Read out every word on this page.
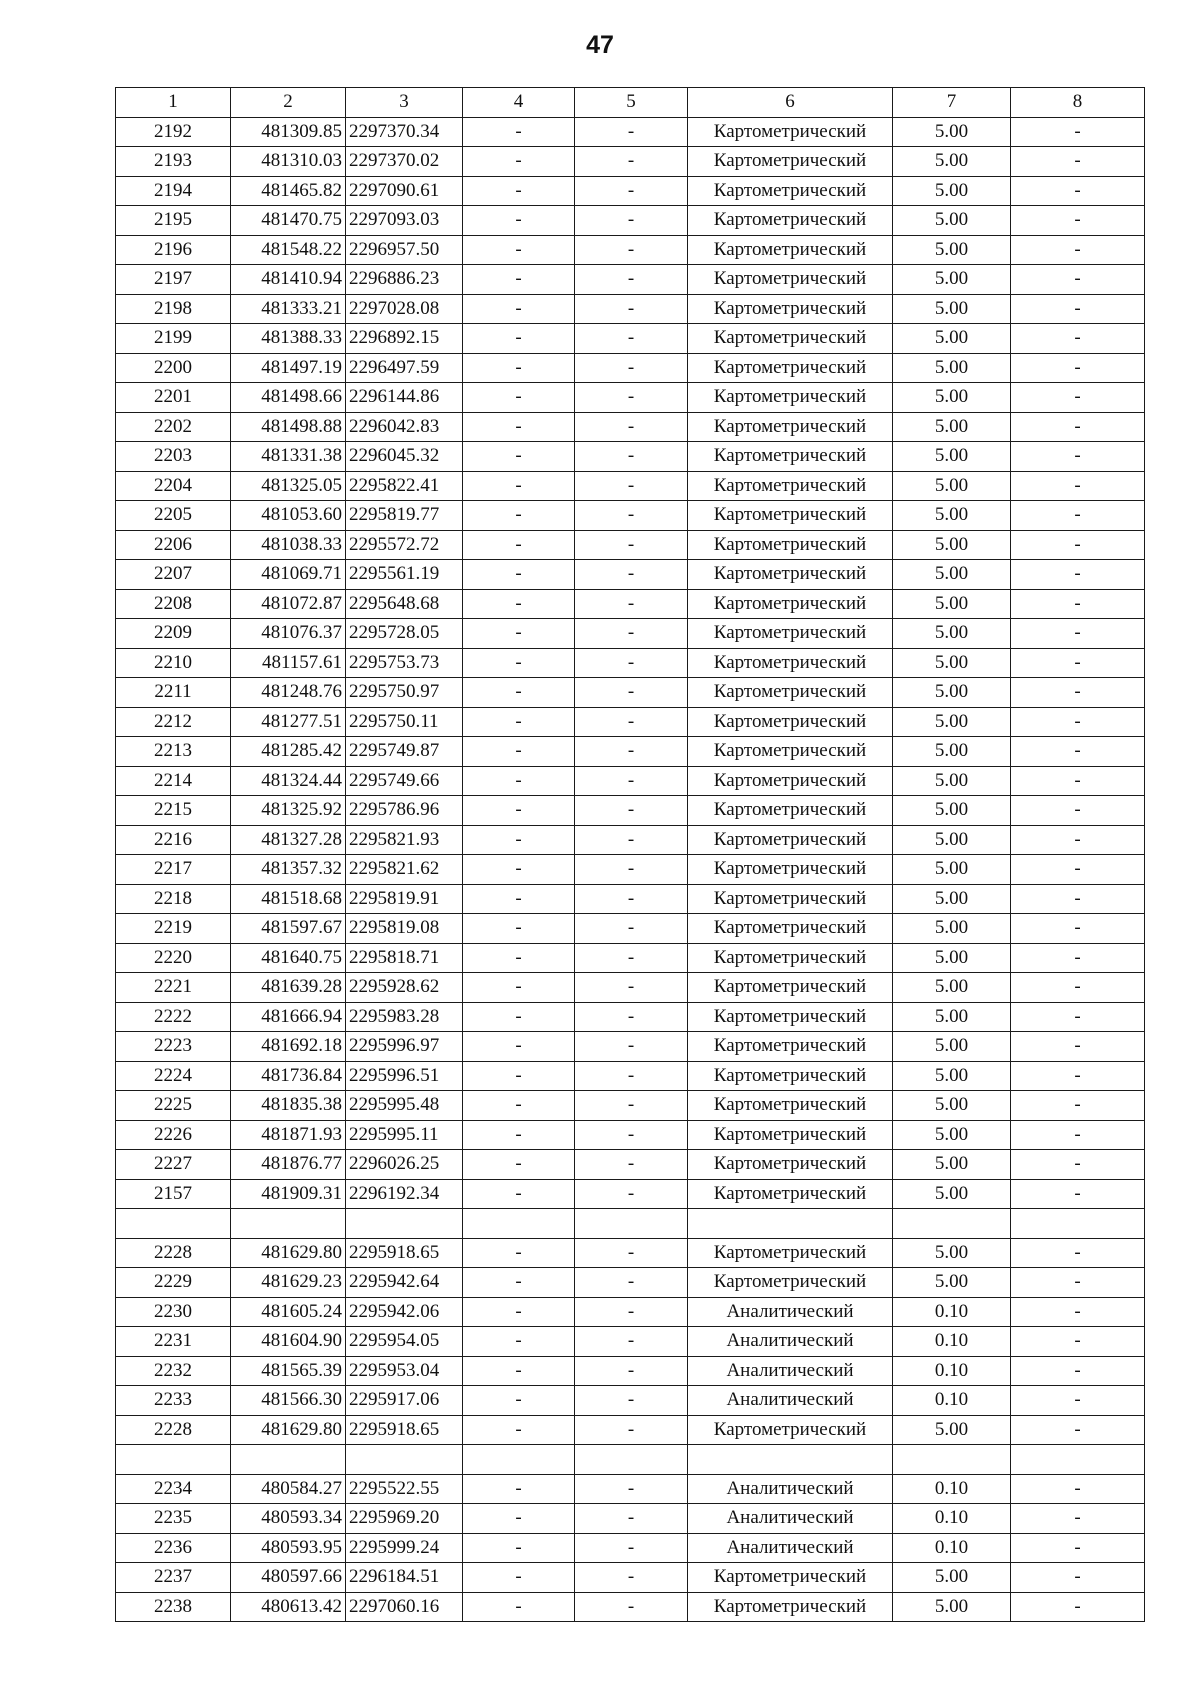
47
1	2	3	4	5	6	7	8
2192	481309.85	2297370.34	-	-	Картометрический	5.00	-
2193	481310.03	2297370.02	-	-	Картометрический	5.00	-
2194	481465.82	2297090.61	-	-	Картометрический	5.00	-
2195	481470.75	2297093.03	-	-	Картометрический	5.00	-
2196	481548.22	2296957.50	-	-	Картометрический	5.00	-
2197	481410.94	2296886.23	-	-	Картометрический	5.00	-
2198	481333.21	2297028.08	-	-	Картометрический	5.00	-
2199	481388.33	2296892.15	-	-	Картометрический	5.00	-
2200	481497.19	2296497.59	-	-	Картометрический	5.00	-
2201	481498.66	2296144.86	-	-	Картометрический	5.00	-
2202	481498.88	2296042.83	-	-	Картометрический	5.00	-
2203	481331.38	2296045.32	-	-	Картометрический	5.00	-
2204	481325.05	2295822.41	-	-	Картометрический	5.00	-
2205	481053.60	2295819.77	-	-	Картометрический	5.00	-
2206	481038.33	2295572.72	-	-	Картометрический	5.00	-
2207	481069.71	2295561.19	-	-	Картометрический	5.00	-
2208	481072.87	2295648.68	-	-	Картометрический	5.00	-
2209	481076.37	2295728.05	-	-	Картометрический	5.00	-
2210	481157.61	2295753.73	-	-	Картометрический	5.00	-
2211	481248.76	2295750.97	-	-	Картометрический	5.00	-
2212	481277.51	2295750.11	-	-	Картометрический	5.00	-
2213	481285.42	2295749.87	-	-	Картометрический	5.00	-
2214	481324.44	2295749.66	-	-	Картометрический	5.00	-
2215	481325.92	2295786.96	-	-	Картометрический	5.00	-
2216	481327.28	2295821.93	-	-	Картометрический	5.00	-
2217	481357.32	2295821.62	-	-	Картометрический	5.00	-
2218	481518.68	2295819.91	-	-	Картометрический	5.00	-
2219	481597.67	2295819.08	-	-	Картометрический	5.00	-
2220	481640.75	2295818.71	-	-	Картометрический	5.00	-
2221	481639.28	2295928.62	-	-	Картометрический	5.00	-
2222	481666.94	2295983.28	-	-	Картометрический	5.00	-
2223	481692.18	2295996.97	-	-	Картометрический	5.00	-
2224	481736.84	2295996.51	-	-	Картометрический	5.00	-
2225	481835.38	2295995.48	-	-	Картометрический	5.00	-
2226	481871.93	2295995.11	-	-	Картометрический	5.00	-
2227	481876.77	2296026.25	-	-	Картометрический	5.00	-
2157	481909.31	2296192.34	-	-	Картометрический	5.00	-

2228	481629.80	2295918.65	-	-	Картометрический	5.00	-
2229	481629.23	2295942.64	-	-	Картометрический	5.00	-
2230	481605.24	2295942.06	-	-	Аналитический	0.10	-
2231	481604.90	2295954.05	-	-	Аналитический	0.10	-
2232	481565.39	2295953.04	-	-	Аналитический	0.10	-
2233	481566.30	2295917.06	-	-	Аналитический	0.10	-
2228	481629.80	2295918.65	-	-	Картометрический	5.00	-

2234	480584.27	2295522.55	-	-	Аналитический	0.10	-
2235	480593.34	2295969.20	-	-	Аналитический	0.10	-
2236	480593.95	2295999.24	-	-	Аналитический	0.10	-
2237	480597.66	2296184.51	-	-	Картометрический	5.00	-
2238	480613.42	2297060.16	-	-	Картометрический	5.00	-
